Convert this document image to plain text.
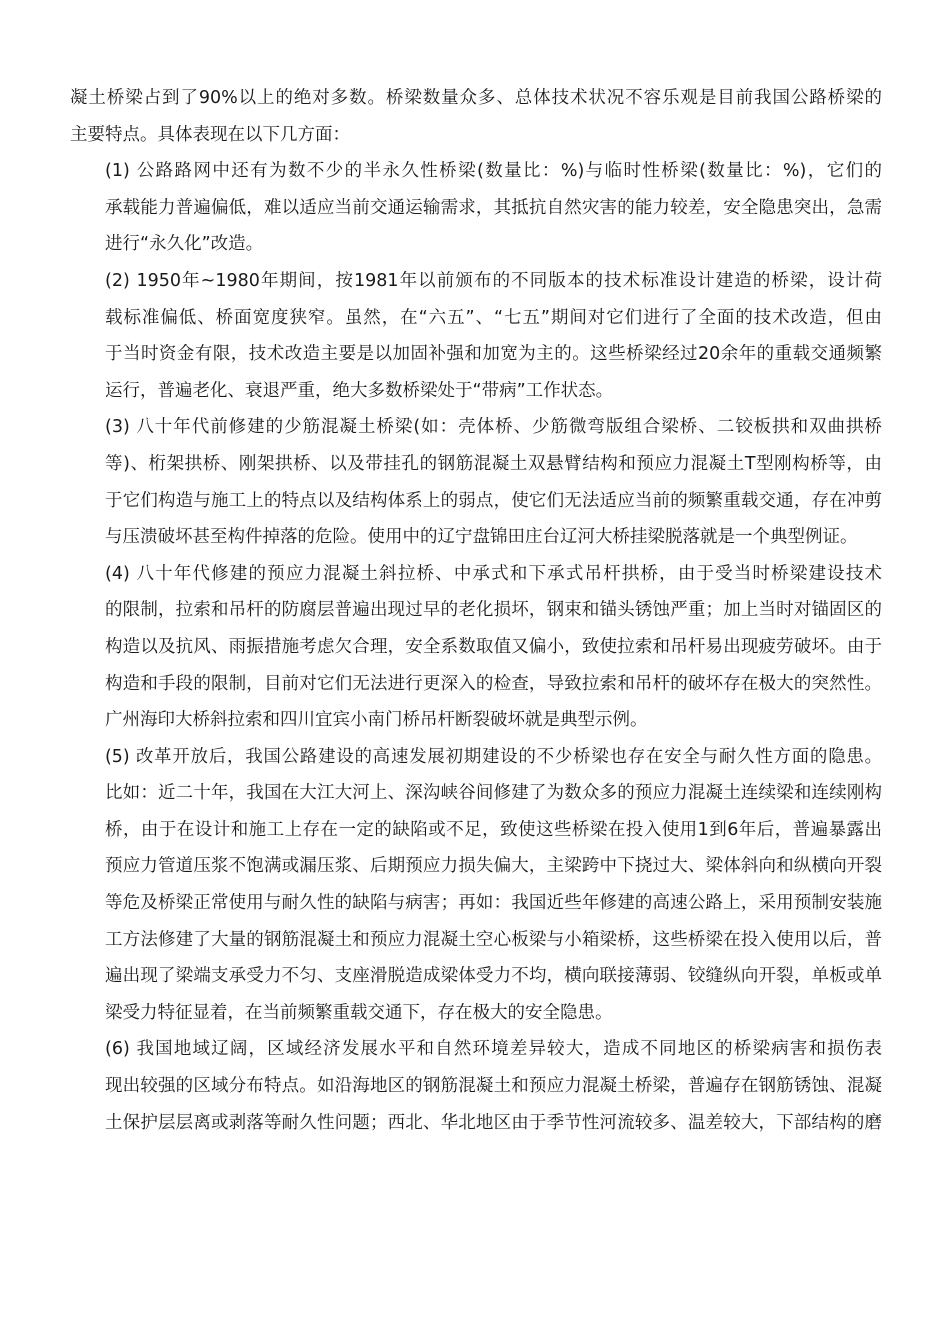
凝土桥梁占到了90%以上的绝对多数。桥梁数量众多、总体技术状况不容乐观是目前我国公路桥梁的
主要特点。具体表现在以下几方面：
(1) 公路路网中还有为数不少的半永久性桥梁(数量比：%)与临时性桥梁(数量比：%)，它们的
承载能力普遍偏低，难以适应当前交通运输需求，其抵抗自然灾害的能力较差，安全隐患突出，急需
进行“永久化”改造。
(2) 1950年~1980年期间，按1981年以前颁布的不同版本的技术标准设计建造的桥梁，设计荷
载标准偏低、桥面宽度狭窄。虽然，在“六五”、“七五”期间对它们进行了全面的技术改造，但由
于当时资金有限，技术改造主要是以加固补强和加宽为主的。这些桥梁经过20余年的重载交通频繁
运行，普遍老化、衰退严重，绝大多数桥梁处于“带病”工作状态。
(3) 八十年代前修建的少筋混凝土桥梁(如：壳体桥、少筋微弯版组合梁桥、二铰板拱和双曲拱桥
等)、桁架拱桥、刚架拱桥、以及带挂孔的钢筋混凝土双悬臂结构和预应力混凝土T型刚构桥等，由
于它们构造与施工上的特点以及结构体系上的弱点，使它们无法适应当前的频繁重载交通，存在冲剪
与压溃破坏甚至构件掉落的危险。使用中的辽宁盘锦田庄台辽河大桥挂梁脱落就是一个典型例证。
(4) 八十年代修建的预应力混凝土斜拉桥、中承式和下承式吊杆拱桥，由于受当时桥梁建设技术
的限制，拉索和吊杆的防腐层普遍出现过早的老化损坏，钢束和锚头锈蚀严重；加上当时对锚固区的
构造以及抗风、雨振措施考虑欠合理，安全系数取值又偏小，致使拉索和吊杆易出现疲劳破坏。由于
构造和手段的限制，目前对它们无法进行更深入的检查，导致拉索和吊杆的破坏存在极大的突然性。
广州海印大桥斜拉索和四川宜宾小南门桥吊杆断裂破坏就是典型示例。
(5) 改革开放后，我国公路建设的高速发展初期建设的不少桥梁也存在安全与耐久性方面的隐患。
比如：近二十年，我国在大江大河上、深沟峡谷间修建了为数众多的预应力混凝土连续梁和连续刚构
桥，由于在设计和施工上存在一定的缺陷或不足，致使这些桥梁在投入使用1到6年后，普遍暴露出
预应力管道压浆不饱满或漏压浆、后期预应力损失偏大，主梁跨中下挠过大、梁体斜向和纵横向开裂
等危及桥梁正常使用与耐久性的缺陷与病害；再如：我国近些年修建的高速公路上，采用预制安装施
工方法修建了大量的钢筋混凝土和预应力混凝土空心板梁与小箱梁桥，这些桥梁在投入使用以后，普
遍出现了梁端支承受力不匀、支座滑脱造成梁体受力不均，横向联接薄弱、铰缝纵向开裂，单板或单
梁受力特征显着，在当前频繁重载交通下，存在极大的安全隐患。
(6) 我国地域辽阔，区域经济发展水平和自然环境差异较大，造成不同地区的桥梁病害和损伤表
现出较强的区域分布特点。如沿海地区的钢筋混凝土和预应力混凝土桥梁，普遍存在钢筋锈蚀、混凝
土保护层层离或剥落等耐久性问题；西北、华北地区由于季节性河流较多、温差较大，下部结构的磨
